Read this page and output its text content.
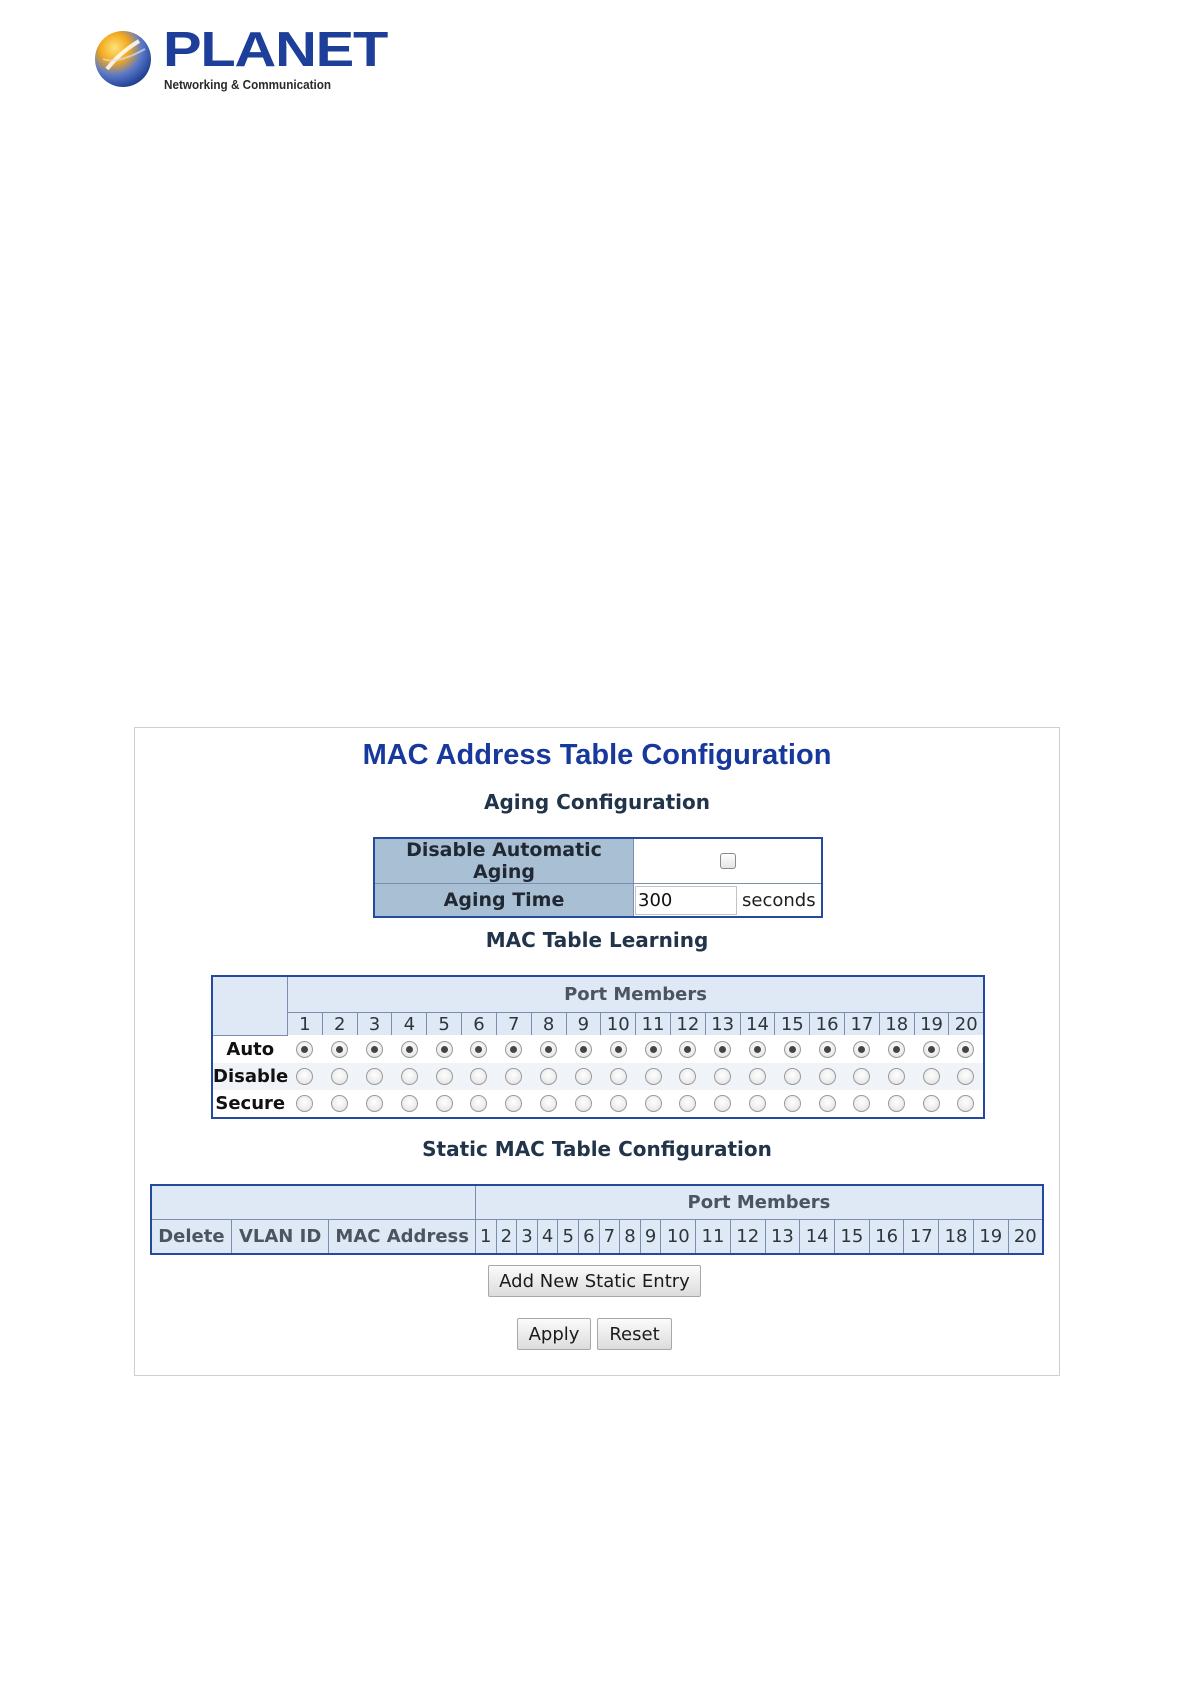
PLANET
Networking & Communication
MAC Address Table Configuration
Aging Configuration
Disable Automatic Aging	

Aging Time	300seconds
MAC Table Learning
	Port Members																			
	1	2	3	4	5	6	7	8	9	10	11	12	13	14	15	16	17	18	19	20
Auto																				
Disable																				
Secure																				
Static MAC Table Configuration
			Port Members																			
Delete	VLAN ID	MAC Address	1	2	3	4	5	6	7	8	9	10	11	12	13	14	15	16	17	18	19	20
Add New Static Entry
Apply	Reset
